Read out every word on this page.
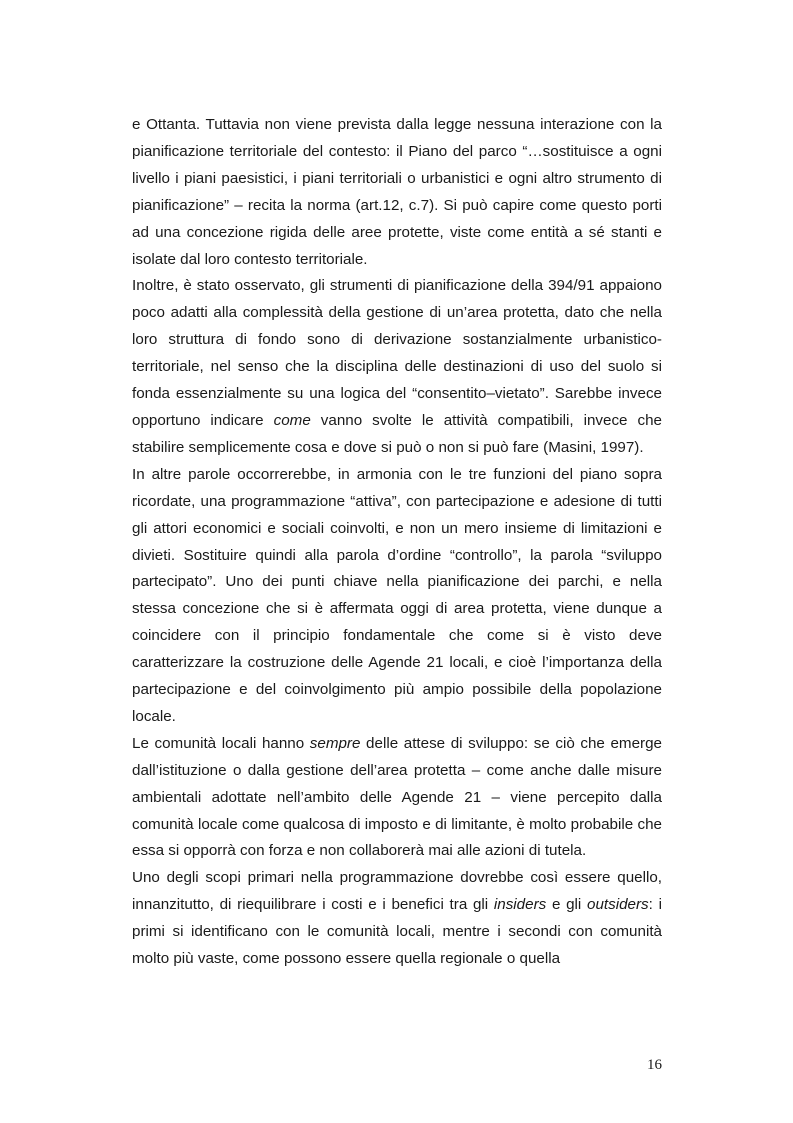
e Ottanta. Tuttavia non viene prevista dalla legge nessuna interazione con la pianificazione territoriale del contesto: il Piano del parco “…sostituisce a ogni livello i piani paesistici, i piani territoriali o urbanistici e ogni altro strumento di pianificazione” – recita la norma (art.12, c.7). Si può capire come questo porti ad una concezione rigida delle aree protette, viste come entità a sé stanti e isolate dal loro contesto territoriale.

Inoltre, è stato osservato, gli strumenti di pianificazione della 394/91 appaiono poco adatti alla complessità della gestione di un’area protetta, dato che nella loro struttura di fondo sono di derivazione sostanzialmente urbanistico-territoriale, nel senso che la disciplina delle destinazioni di uso del suolo si fonda essenzialmente su una logica del “consentito–vietato”. Sarebbe invece opportuno indicare come vanno svolte le attività compatibili, invece che stabilire semplicemente cosa e dove si può o non si può fare (Masini, 1997).

In altre parole occorrerebbe, in armonia con le tre funzioni del piano sopra ricordate, una programmazione “attiva”, con partecipazione e adesione di tutti gli attori economici e sociali coinvolti, e non un mero insieme di limitazioni e divieti. Sostituire quindi alla parola d’ordine “controllo”, la parola “sviluppo partecipato”. Uno dei punti chiave nella pianificazione dei parchi, e nella stessa concezione che si è affermata oggi di area protetta, viene dunque a coincidere con il principio fondamentale che come si è visto deve caratterizzare la costruzione delle Agende 21 locali, e cioè l’importanza della partecipazione e del coinvolgimento più ampio possibile della popolazione locale.

Le comunità locali hanno sempre delle attese di sviluppo: se ciò che emerge dall’istituzione o dalla gestione dell’area protetta – come anche dalle misure ambientali adottate nell’ambito delle Agende 21 – viene percepito dalla comunità locale come qualcosa di imposto e di limitante, è molto probabile che essa si opporrà con forza e non collaborerà mai alle azioni di tutela.

Uno degli scopi primari nella programmazione dovrebbe così essere quello, innanzitutto, di riequilibrare i costi e i benefici tra gli insiders e gli outsiders: i primi si identificano con le comunità locali, mentre i secondi con comunità molto più vaste, come possono essere quella regionale o quella

16
